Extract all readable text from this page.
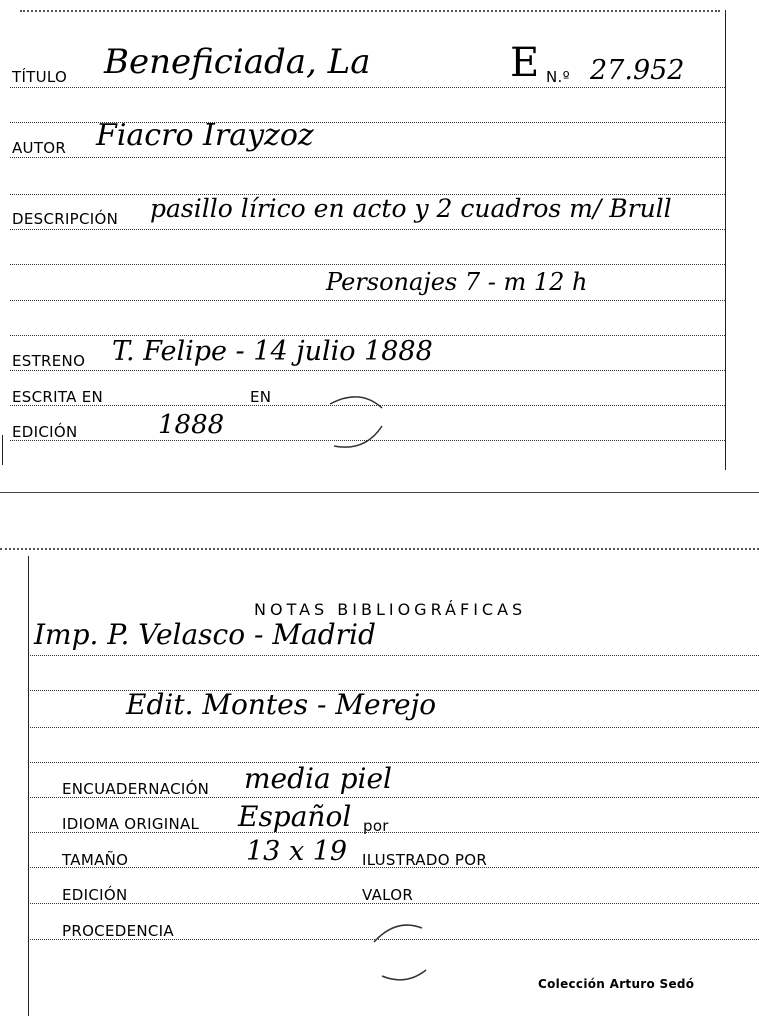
TÍTULO Beneficiada, La	E N.º 27.952
AUTOR Fiacro Irayzoz
DESCRIPCIÓN pasillo lírico en acto y 2 cuadros m/ Brull
Personajes 7 - m 12 h
ESTRENO T. Felipe - 14 julio 1888
ESCRITA EN	EN
EDICIÓN	1888
NOTAS BIBLIOGRÁFICAS
Imp. P. Velasco - Madrid
Edit. Montes - Merejo
ENCUADERNACIÓN media piel
IDIOMA ORIGINAL Español por
TAMAÑO	13 x 19 ILUSTRADO POR
EDICIÓN	VALOR
PROCEDENCIA
Colección Arturo Sedó
